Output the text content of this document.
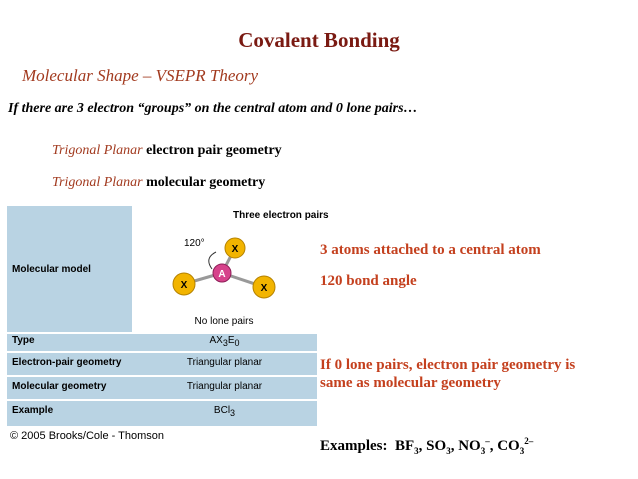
Covalent Bonding
Molecular Shape – VSEPR Theory
If there are 3 electron “groups” on the central atom and 0 lone pairs…
Trigonal Planar electron pair geometry
Trigonal Planar molecular geometry
Three electron pairs
X
X	X
A
120°
No lone pairs
Molecular model
Type	$AX_3E_0$
Electron-pair geometry	Triangular planar
Molecular geometry	Triangular planar
Example	BCl$_3$
© 2005 Brooks/Cole - Thomson
3 atoms attached to a central atom
120 bond angle
If 0 lone pairs, electron pair geometry is
same as molecular geometry
Examples: $BF_3$, $SO_3$, $NO_3^-$, $CO_3^{2-}$
